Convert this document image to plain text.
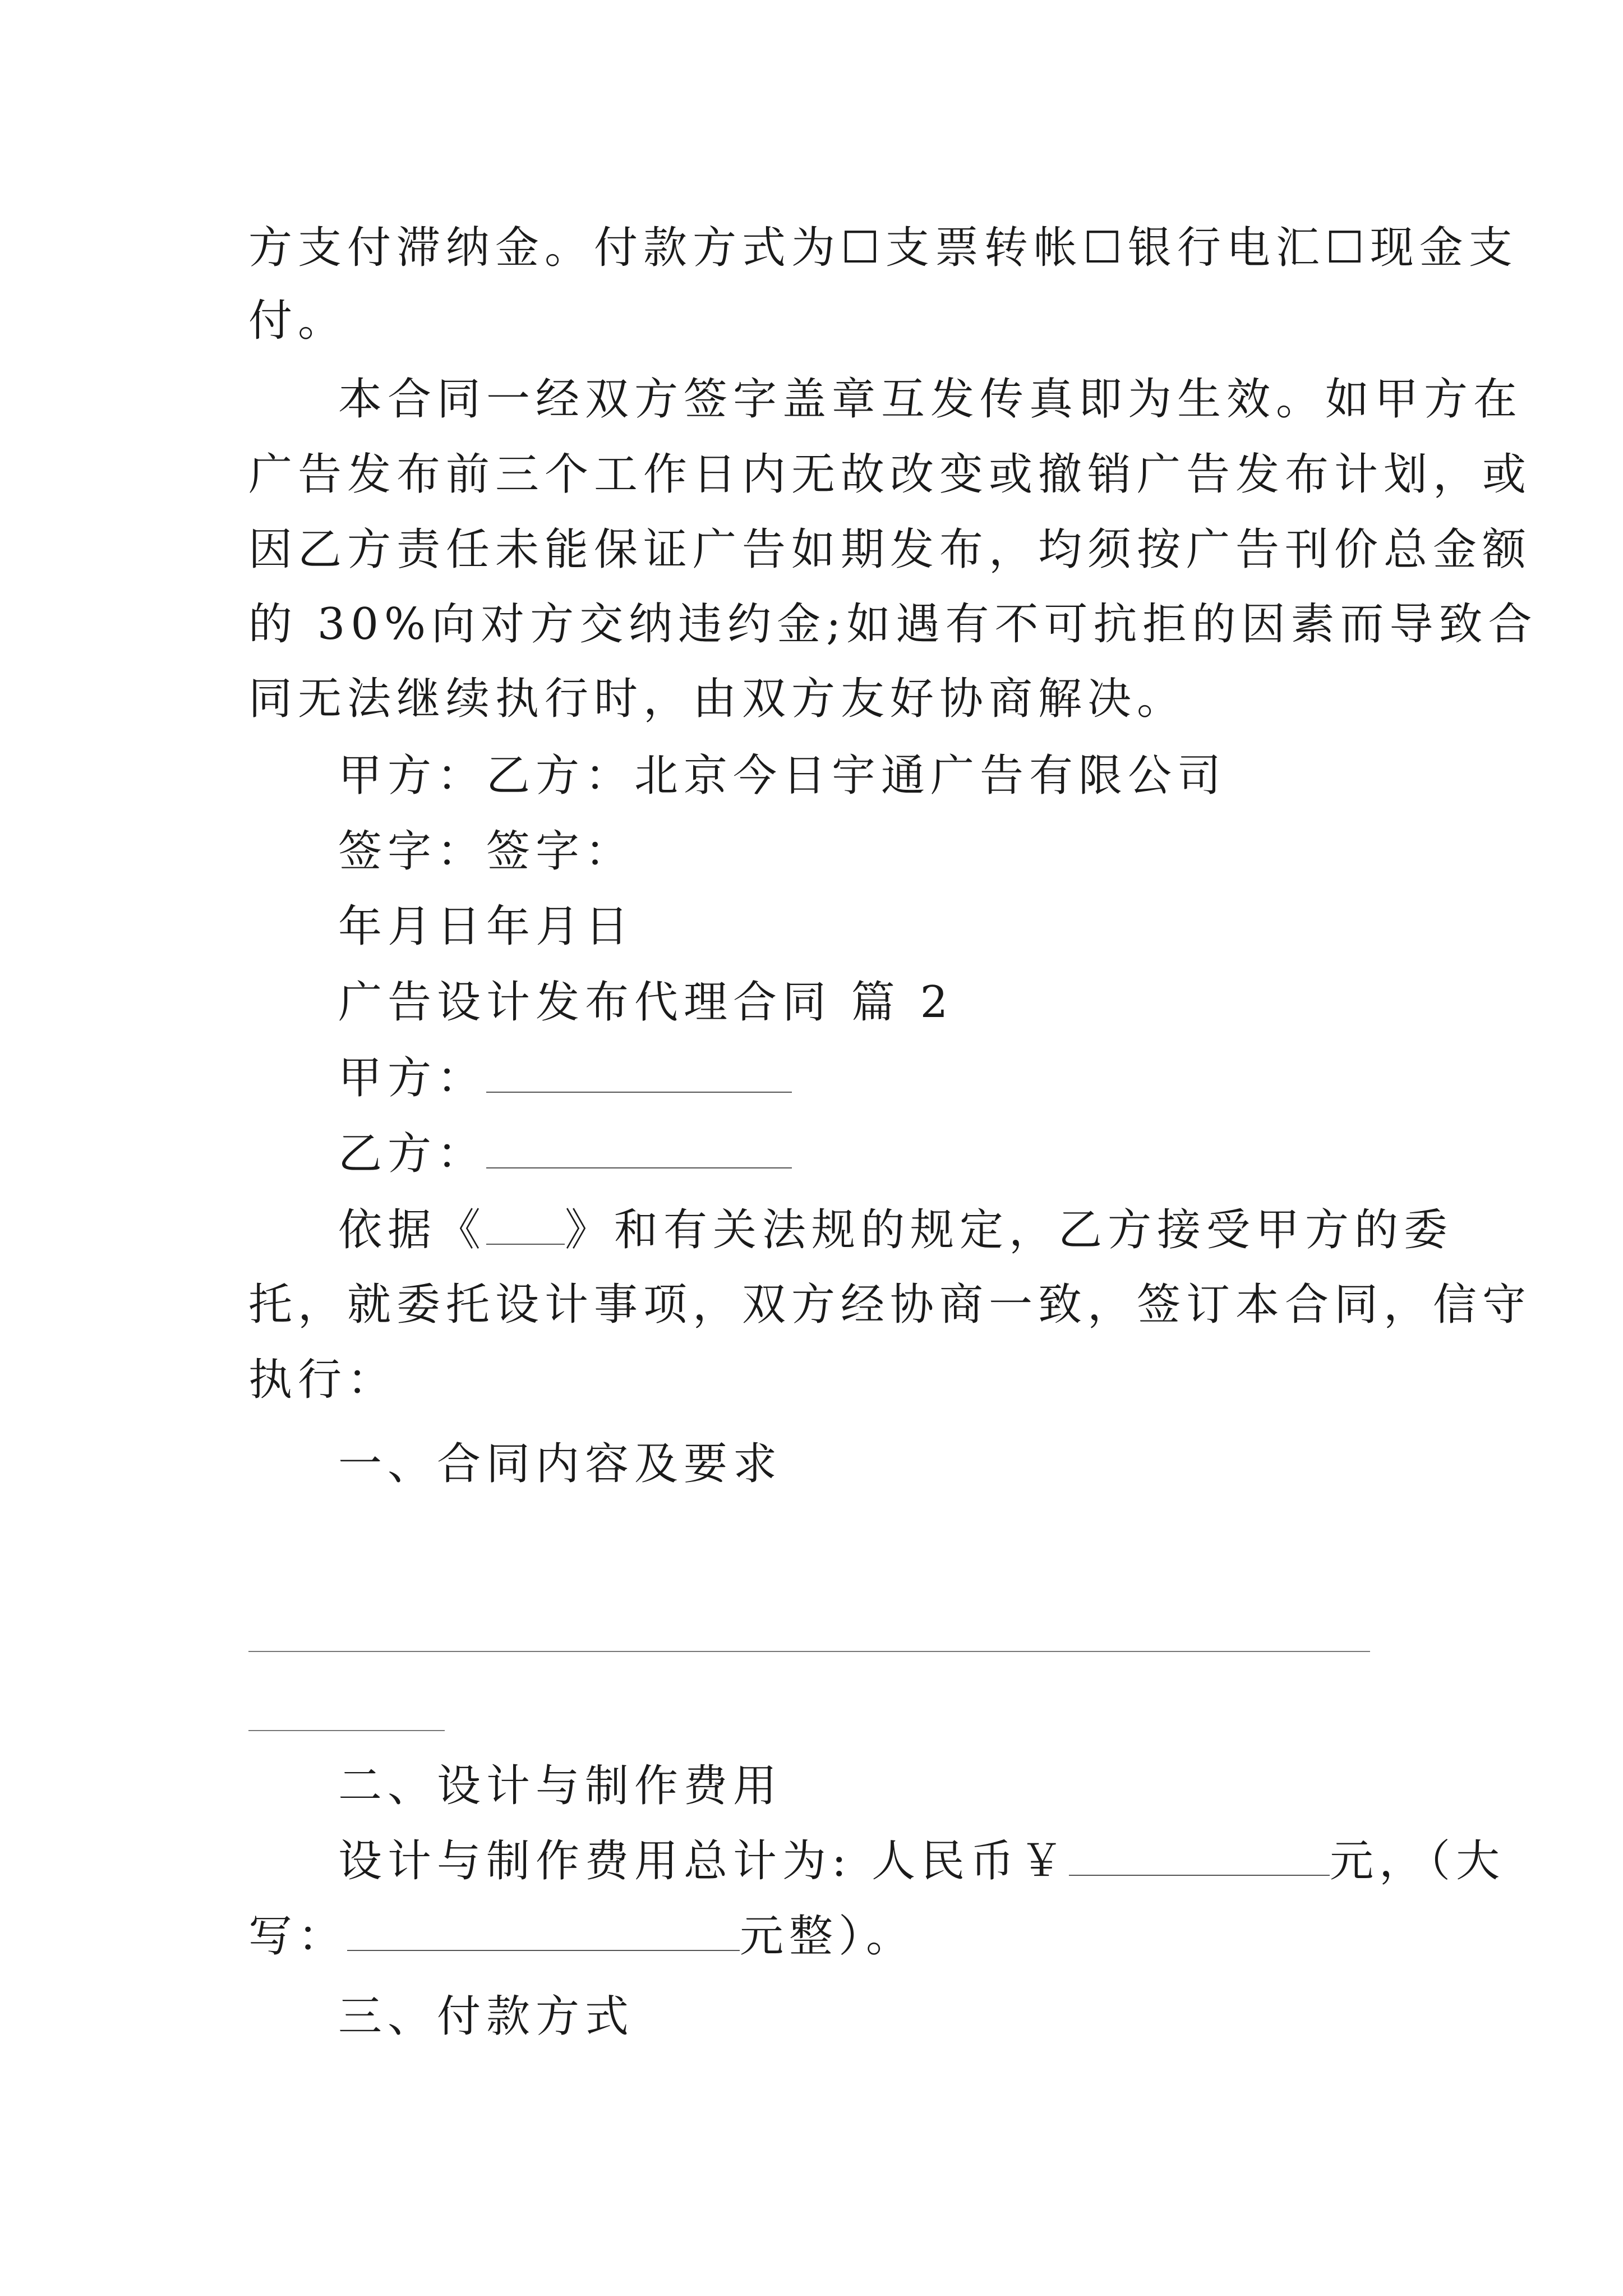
方支付滞纳金。付款方式为☐支票转帐☐银行电汇☐现金支
付。
本合同一经双方签字盖章互发传真即为生效。如甲方在
广告发布前三个工作日内无故改变或撤销广告发布计划，或
因乙方责任未能保证广告如期发布，均须按广告刊价总金额
的 30%向对方交纳违约金;如遇有不可抗拒的因素而导致合
同无法继续执行时，由双方友好协商解决。
甲方：乙方：北京今日宇通广告有限公司
签字：签字：
年月日年月日
广告设计发布代理合同 篇 2
甲方：
乙方：
依据《 》和有关法规的规定，乙方接受甲方的委
托，就委托设计事项，双方经协商一致，签订本合同，信守
执行：
一、合同内容及要求
二、设计与制作费用
设计与制作费用总计为: 人民币￥	元，（大
写：	元整）。
三、付款方式
